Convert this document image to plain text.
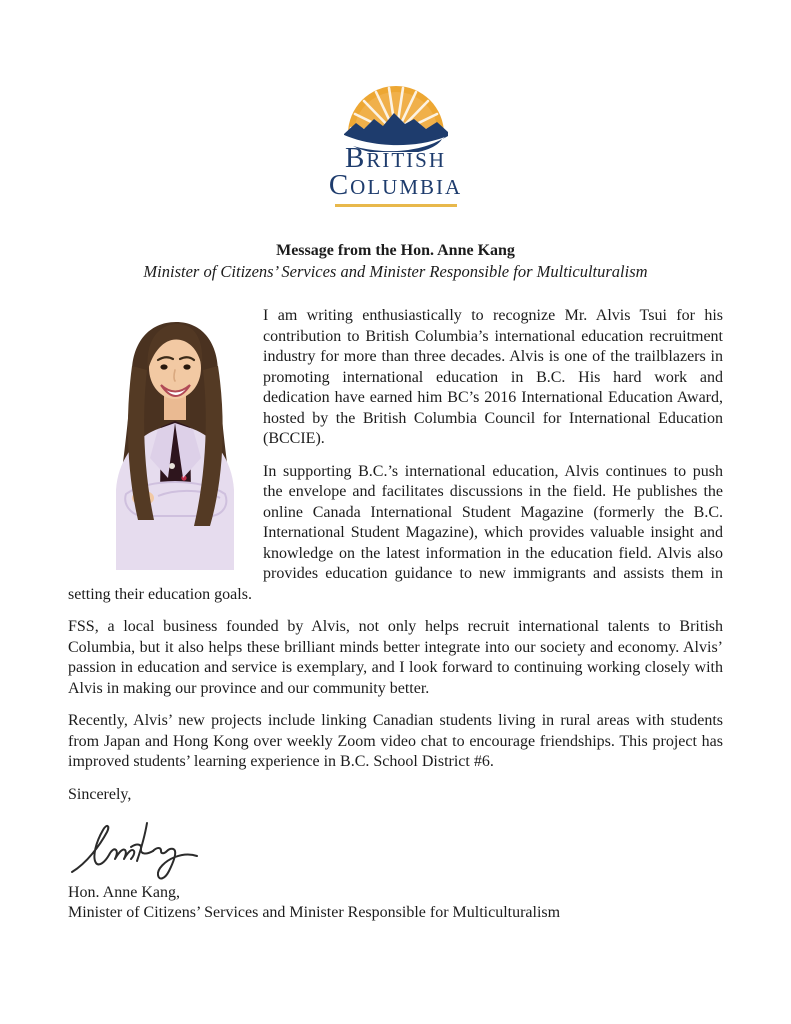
BRITISH
COLUMBIA
Message from the Hon. Anne Kang
Minister of Citizens’ Services and Minister Responsible for Multiculturalism

I am writing enthusiastically to recognize Mr. Alvis Tsui for his contribution to British Columbia’s international education recruitment industry for more than three decades. Alvis is one of the trailblazers in promoting international education in B.C. His hard work and dedication have earned him BC’s 2016 International Education Award, hosted by the British Columbia Council for International Education (BCCIE).

In supporting B.C.’s international education, Alvis continues to push the envelope and facilitates discussions in the field. He publishes the online Canada International Student Magazine (formerly the B.C. International Student Magazine), which provides valuable insight and knowledge on the latest information in the education field. Alvis also provides education guidance to new immigrants and assists them in setting their education goals.

FSS, a local business founded by Alvis, not only helps recruit international talents to British Columbia, but it also helps these brilliant minds better integrate into our society and economy. Alvis’ passion in education and service is exemplary, and I look forward to continuing working closely with Alvis in making our province and our community better.

Recently, Alvis’ new projects include linking Canadian students living in rural areas with students from Japan and Hong Kong over weekly Zoom video chat to encourage friendships. This project has improved students’ learning experience in B.C. School District #6.

Sincerely,

Hon. Anne Kang,
Minister of Citizens’ Services and Minister Responsible for Multiculturalism
